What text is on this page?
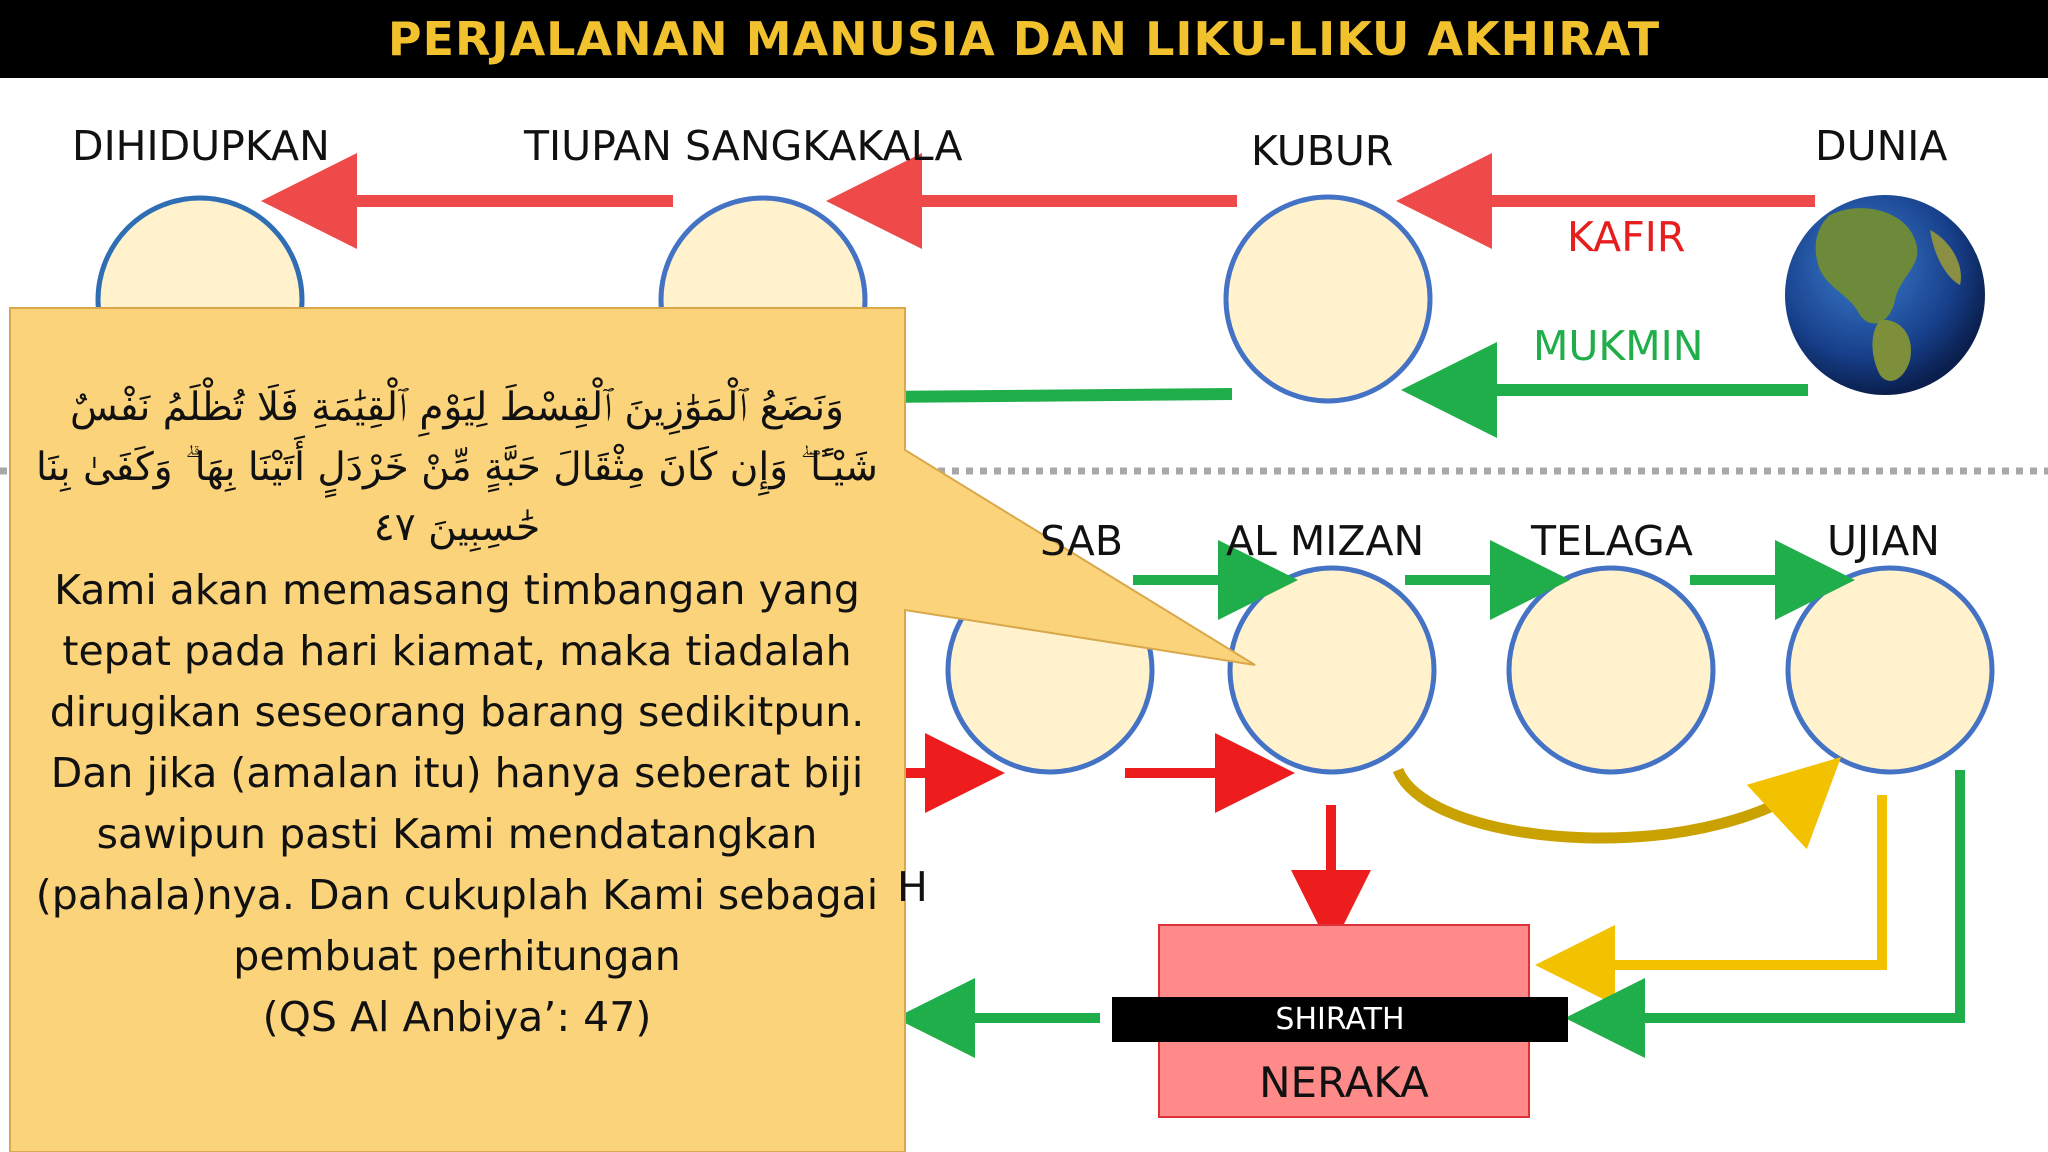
PERJALANAN MANUSIA DAN LIKU-LIKU AKHIRAT
DIHIDUPKAN	TIUPAN SANGKAKALA	KUBUR	DUNIA
KAFIR
MUKMIN
SAB	AL MIZAN	TELAGA	UJIAN
H
SHIRATH
NERAKA
وَنَضَعُ ٱلْمَوَٰزِينَ ٱلْقِسْطَ لِيَوْمِ ٱلْقِيَٰمَةِ فَلَا تُظْلَمُ نَفْسٌ شَيْـًٔا ۖ وَإِن كَانَ مِثْقَالَ حَبَّةٍ مِّنْ خَرْدَلٍ أَتَيْنَا بِهَا ۗ وَكَفَىٰ بِنَا حَٰسِبِينَ ٤٧
Kami akan memasang timbangan yang tepat pada hari kiamat, maka tiadalah dirugikan seseorang barang sedikitpun. Dan jika (amalan itu) hanya seberat biji sawipun pasti Kami mendatangkan (pahala)nya. Dan cukuplah Kami sebagai pembuat perhitungan
(QS Al Anbiya’: 47)
